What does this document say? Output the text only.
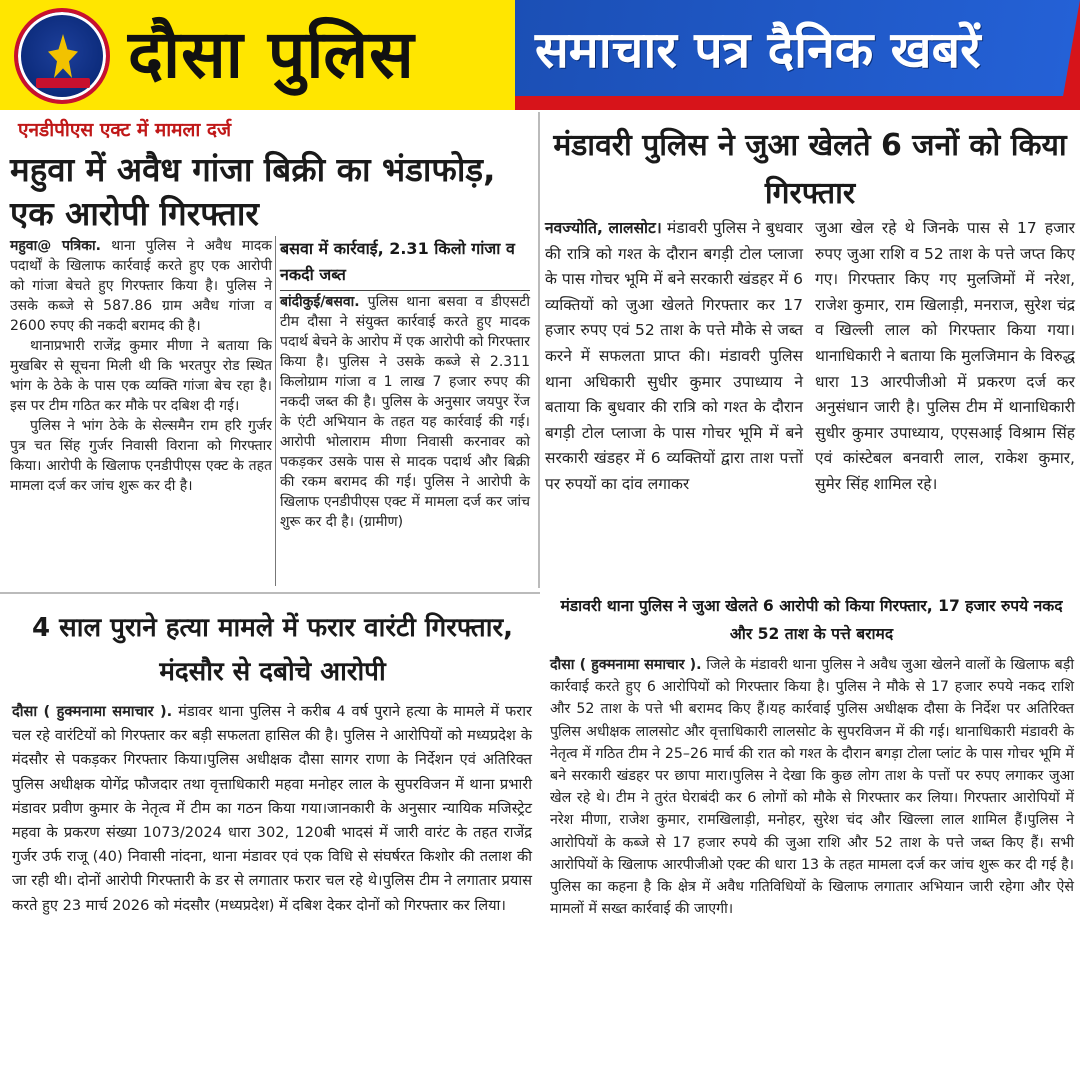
दौसा पुलिस समाचार पत्र दैनिक खबरें
एनडीपीएस एक्ट में मामला दर्ज
महुवा में अवैध गांजा बिक्री का भंडाफोड़, एक आरोपी गिरफ्तार

महुवा@ पत्रिका. थाना पुलिस ने अवैध मादक पदार्थों के खिलाफ कार्रवाई करते हुए एक आरोपी को गांजा बेचते हुए गिरफ्तार किया है। पुलिस ने उसके कब्जे से 587.86 ग्राम अवैध गांजा व 2600 रुपए की नकदी बरामद की है।

थानाप्रभारी राजेंद्र कुमार मीणा ने बताया कि मुखबिर से सूचना मिली थी कि भरतपुर रोड स्थित भांग के ठेके के पास एक व्यक्ति गांजा बेच रहा है। इस पर टीम गठित कर मौके पर दबिश दी गई।

पुलिस ने भांग ठेके के सेल्समैन राम हरि गुर्जर पुत्र चत सिंह गुर्जर निवासी विराना को गिरफ्तार किया। आरोपी के खिलाफ एनडीपीएस एक्ट के तहत मामला दर्ज कर जांच शुरू कर दी है।

बसवा में कार्रवाई, 2.31 किलो गांजा व नकदी जब्त

बांदीकुई/बसवा. पुलिस थाना बसवा व डीएसटी टीम दौसा ने संयुक्त कार्रवाई करते हुए मादक पदार्थ बेचने के आरोप में एक आरोपी को गिरफ्तार किया है। पुलिस ने उसके कब्जे से 2.311 किलोग्राम गांजा व 1 लाख 7 हजार रुपए की नकदी जब्त की है। पुलिस के अनुसार जयपुर रेंज के एंटी अभियान के तहत यह कार्रवाई की गई। आरोपी भोलाराम मीणा निवासी करनावर को पकड़कर उसके पास से मादक पदार्थ और बिक्री की रकम बरामद की गई। पुलिस ने आरोपी के खिलाफ एनडीपीएस एक्ट में मामला दर्ज कर जांच शुरू कर दी है। (ग्रामीण)

मंडावरी पुलिस ने जुआ खेलते 6 जनों को किया गिरफ्तार

नवज्योति, लालसोट। मंडावरी पुलिस ने बुधवार की रात्रि को गश्त के दौरान बगड़ी टोल प्लाजा के पास गोचर भूमि में बने सरकारी खंडहर में 6 व्यक्तियों को जुआ खेलते गिरफ्तार कर 17 हजार रुपए एवं 52 ताश के पत्ते मौके से जब्त करने में सफलता प्राप्त की। मंडावरी पुलिस थाना अधिकारी सुधीर कुमार उपाध्याय ने बताया कि बुधवार की रात्रि को गश्त के दौरान बगड़ी टोल प्लाजा के पास गोचर भूमि में बने सरकारी खंडहर में 6 व्यक्तियों द्वारा ताश पत्तों पर रुपयों का दांव लगाकर

जुआ खेल रहे थे जिनके पास से 17 हजार रुपए जुआ राशि व 52 ताश के पत्ते जप्त किए गए। गिरफ्तार किए गए मुलजिमों में नरेश, राजेश कुमार, राम खिलाड़ी, मनराज, सुरेश चंद्र व खिल्ली लाल को गिरफ्तार किया गया। थानाधिकारी ने बताया कि मुलजिमान के विरुद्ध धारा 13 आरपीजीओ में प्रकरण दर्ज कर अनुसंधान जारी है। पुलिस टीम में थानाधिकारी सुधीर कुमार उपाध्याय, एएसआई विश्राम सिंह एवं कांस्टेबल बनवारी लाल, राकेश कुमार, सुमेर सिंह शामिल रहे।

4 साल पुराने हत्या मामले में फरार वारंटी गिरफ्तार, मंदसौर से दबोचे आरोपी

दौसा ( हुक्मनामा समाचार ). मंडावर थाना पुलिस ने करीब 4 वर्ष पुराने हत्या के मामले में फरार चल रहे वारंटियों को गिरफ्तार कर बड़ी सफलता हासिल की है। पुलिस ने आरोपियों को मध्यप्रदेश के मंदसौर से पकड़कर गिरफ्तार किया।पुलिस अधीक्षक दौसा सागर राणा के निर्देशन एवं अतिरिक्त पुलिस अधीक्षक योगेंद्र फौजदार तथा वृत्ताधिकारी महवा मनोहर लाल के सुपरविजन में थाना प्रभारी मंडावर प्रवीण कुमार के नेतृत्व में टीम का गठन किया गया।जानकारी के अनुसार न्यायिक मजिस्ट्रेट महवा के प्रकरण संख्या 1073/2024 धारा 302, 120बी भादसं में जारी वारंट के तहत राजेंद्र गुर्जर उर्फ राजू (40) निवासी नांदना, थाना मंडावर एवं एक विधि से संघर्षरत किशोर की तलाश की जा रही थी। दोनों आरोपी गिरफ्तारी के डर से लगातार फरार चल रहे थे।पुलिस टीम ने लगातार प्रयास करते हुए 23 मार्च 2026 को मंदसौर (मध्यप्रदेश) में दबिश देकर दोनों को गिरफ्तार कर लिया।

मंडावरी थाना पुलिस ने जुआ खेलते 6 आरोपी को किया गिरफ्तार, 17 हजार रुपये नकद और 52 ताश के पत्ते बरामद

दौसा ( हुक्मनामा समाचार ). जिले के मंडावरी थाना पुलिस ने अवैध जुआ खेलने वालों के खिलाफ बड़ी कार्रवाई करते हुए 6 आरोपियों को गिरफ्तार किया है। पुलिस ने मौके से 17 हजार रुपये नकद राशि और 52 ताश के पत्ते भी बरामद किए हैं।यह कार्रवाई पुलिस अधीक्षक दौसा के निर्देश पर अतिरिक्त पुलिस अधीक्षक लालसोट और वृत्ताधिकारी लालसोट के सुपरविजन में की गई। थानाधिकारी मंडावरी के नेतृत्व में गठित टीम ने 25–26 मार्च की रात को गश्त के दौरान बगड़ा टोला प्लांट के पास गोचर भूमि में बने सरकारी खंडहर पर छापा मारा।पुलिस ने देखा कि कुछ लोग ताश के पत्तों पर रुपए लगाकर जुआ खेल रहे थे। टीम ने तुरंत घेराबंदी कर 6 लोगों को मौके से गिरफ्तार कर लिया। गिरफ्तार आरोपियों में नरेश मीणा, राजेश कुमार, रामखिलाड़ी, मनोहर, सुरेश चंद और खिल्ला लाल शामिल हैं।पुलिस ने आरोपियों के कब्जे से 17 हजार रुपये की जुआ राशि और 52 ताश के पत्ते जब्त किए हैं। सभी आरोपियों के खिलाफ आरपीजीओ एक्ट की धारा 13 के तहत मामला दर्ज कर जांच शुरू कर दी गई है। पुलिस का कहना है कि क्षेत्र में अवैध गतिविधियों के खिलाफ लगातार अभियान जारी रहेगा और ऐसे मामलों में सख्त कार्रवाई की जाएगी।
